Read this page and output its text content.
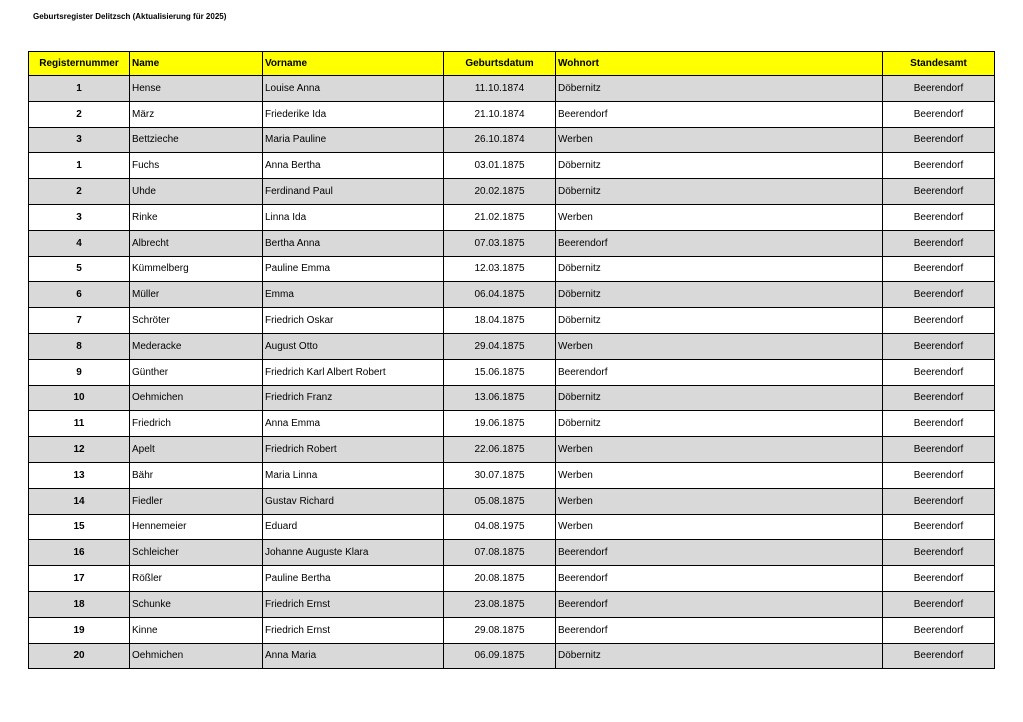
Geburtsregister Delitzsch (Aktualisierung für 2025)
Registernummer	Name	Vorname	Geburtsdatum	Wohnort	Standesamt
1	Hense	Louise Anna	11.10.1874	Döbernitz	Beerendorf
2	März	Friederike Ida	21.10.1874	Beerendorf	Beerendorf
3	Bettzieche	Maria Pauline	26.10.1874	Werben	Beerendorf
1	Fuchs	Anna Bertha	03.01.1875	Döbernitz	Beerendorf
2	Uhde	Ferdinand Paul	20.02.1875	Döbernitz	Beerendorf
3	Rinke	Linna Ida	21.02.1875	Werben	Beerendorf
4	Albrecht	Bertha Anna	07.03.1875	Beerendorf	Beerendorf
5	Kümmelberg	Pauline Emma	12.03.1875	Döbernitz	Beerendorf
6	Müller	Emma	06.04.1875	Döbernitz	Beerendorf
7	Schröter	Friedrich Oskar	18.04.1875	Döbernitz	Beerendorf
8	Mederacke	August Otto	29.04.1875	Werben	Beerendorf
9	Günther	Friedrich Karl Albert Robert	15.06.1875	Beerendorf	Beerendorf
10	Oehmichen	Friedrich Franz	13.06.1875	Döbernitz	Beerendorf
11	Friedrich	Anna Emma	19.06.1875	Döbernitz	Beerendorf
12	Apelt	Friedrich Robert	22.06.1875	Werben	Beerendorf
13	Bähr	Maria Linna	30.07.1875	Werben	Beerendorf
14	Fiedler	Gustav Richard	05.08.1875	Werben	Beerendorf
15	Hennemeier	Eduard	04.08.1975	Werben	Beerendorf
16	Schleicher	Johanne Auguste Klara	07.08.1875	Beerendorf	Beerendorf
17	Rößler	Pauline Bertha	20.08.1875	Beerendorf	Beerendorf
18	Schunke	Friedrich Ernst	23.08.1875	Beerendorf	Beerendorf
19	Kinne	Friedrich Ernst	29.08.1875	Beerendorf	Beerendorf
20	Oehmichen	Anna Maria	06.09.1875	Döbernitz	Beerendorf
